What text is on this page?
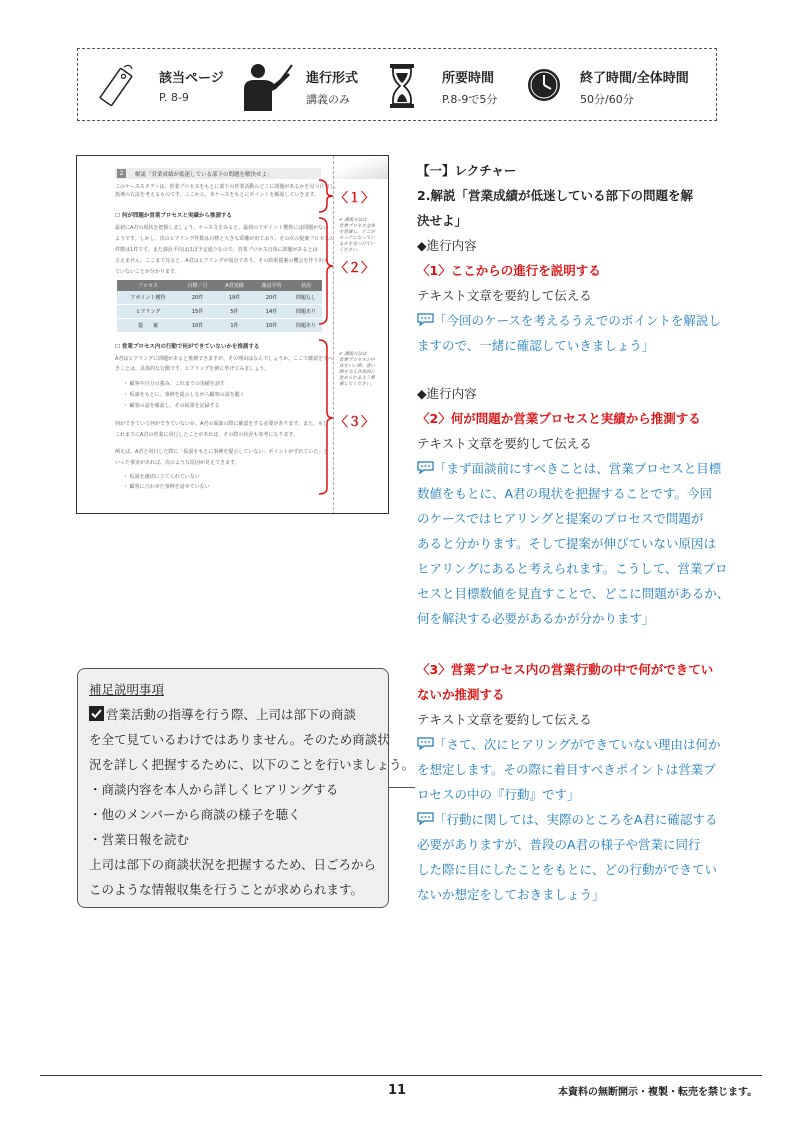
該当ページ
P. 8-9
進行形式
講義のみ
所要時間
P.8-9で5分
終了時間/全体時間
50分/60分
2	解説「営業成績が低迷している部下の問題を解決せよ」
このケーススタディは、営業プロセスをもとに部下の営業活動のどこに問題があるかを見つけ出し、
指導の方法を考えるものです。ここから、本ケースをもとにポイントを解説していきます。
☐ 何が問題か営業プロセスと実績から推測する
最初にA君の現状を把握しましょう。ケース文をみると、最初のアポイント獲得には問題がない
ようです。しかし、次のヒアリング件数は目標と大きな乖離が出ており、その次の提案プロセスの
件数は1件です。また課員平均はほぼ予定通りなので、営業プロセス自体に問題があるとは
言えません。ここまで見ると、A君はヒアリングが弱点であり、その結果提案の機会を作り出せ
ていないことが分かります。
✔ 講義方法は
営業プロセス全体
を意識し、どこが
ネックになってい
るかを見つけてい
ください。
プロセス	目標／月	A君実績	課員平均	状況
アポイント獲得	20件	19件	20件	問題なし
ヒアリング	15件	5件	14件	問題あり
提　　案	10件	1件	10件	問題あり
☐ 営業プロセス内の行動で何ができていないかを推測する
A君はヒアリングに問題があると推測できますが、その理由はなんでしょうか。ここで確認をすべ
きことは、具体的な行動です。ヒアリングを例に挙げてみましょう。
・ 顧客や自分の強み、これまでの実績を話す
・ 仮説をもとに、事例を提示しながら顧客の話を聴く
・ 顧客の話を確認し、その結果を記録する
何ができていて何ができていないか、A君の面談の際に確認をする必要があります。また、もし
これまでにA君の営業に同行したことがあれば、その際の状況も参考になります。
例えば、A君と同行した際に「仮説をもとに事例を提示していない」ポイントがずれていた」と
いった事実があれば、次のような原因が見えてきます。
・ 仮説を適切に立てられていない
・ 顧客に合わせた事例を話せていない
✔ 講義方法は
営業プロセスの中
身をいい例、悪い
例を交え具体的に
進められるよう準
備してください。
〈１〉
〈２〉
〈３〉
【一】レクチャー
2.解説「営業成績が低迷している部下の問題を解
決せよ」
◆進行内容
〈1〉ここからの進行を説明する
テキスト文章を要約して伝える
「今回のケースを考えるうえでのポイントを解説し
ますので、一緒に確認していきましょう」
◆進行内容
〈2〉何が問題か営業プロセスと実績から推測する
テキスト文章を要約して伝える
「まず面談前にすべきことは、営業プロセスと目標
数値をもとに、A君の現状を把握することです。今回
のケースではヒアリングと提案のプロセスで問題が
あると分かります。そして提案が伸びていない原因は
ヒアリングにあると考えられます。こうして、営業プロ
セスと目標数値を見直すことで、どこに問題があるか、
何を解決する必要があるかが分かります」
〈3〉営業プロセス内の営業行動の中で何ができてい
ないか推測する
テキスト文章を要約して伝える
「さて、次にヒアリングができていない理由は何か
を想定します。その際に着目すべきポイントは営業プ
ロセスの中の『行動』です」
「行動に関しては、実際のところをA君に確認する
必要がありますが、普段のA君の様子や営業に同行
した際に目にしたことをもとに、どの行動ができてい
ないか想定をしておきましょう」
補足説明事項
営業活動の指導を行う際、上司は部下の商談
を全て見ているわけではありません。そのため商談状
況を詳しく把握するために、以下のことを行いましょう。
・商談内容を本人から詳しくヒアリングする
・他のメンバーから商談の様子を聴く
・営業日報を読む
上司は部下の商談状況を把握するため、日ごろから
このような情報収集を行うことが求められます。
11	本資料の無断開示・複製・転売を禁じます。
